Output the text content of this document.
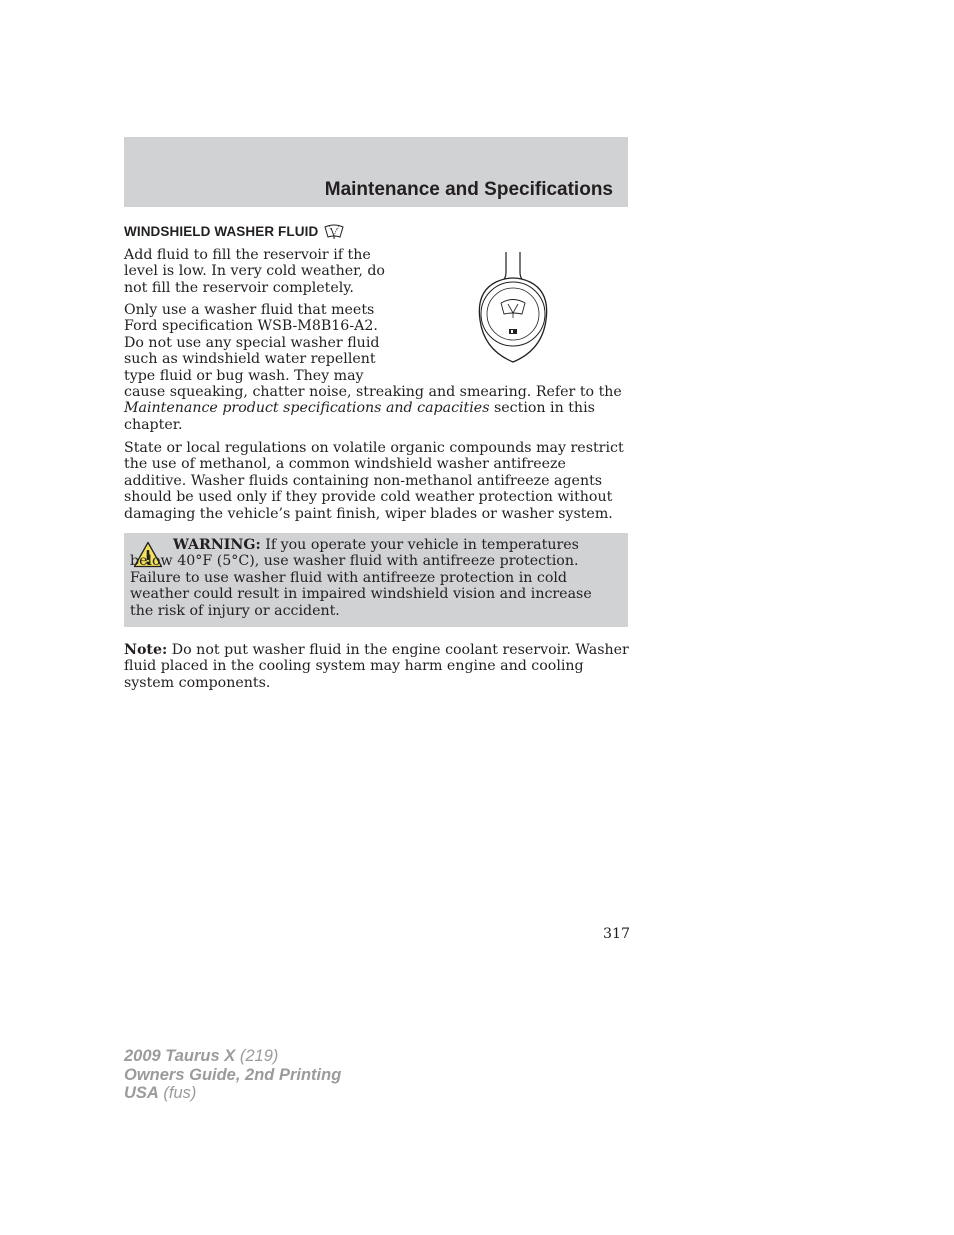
Maintenance and Specifications
WINDSHIELD WASHER FLUID
Add fluid to fill the reservoir if the level is low. In very cold weather, do not fill the reservoir completely.
Only use a washer fluid that meets Ford specification WSB-M8B16-A2. Do not use any special washer fluid such as windshield water repellent type fluid or bug wash. They may
cause squeaking, chatter noise, streaking and smearing. Refer to the Maintenance product specifications and capacities section in this chapter.
State or local regulations on volatile organic compounds may restrict the use of methanol, a common windshield washer antifreeze additive. Washer fluids containing non-methanol antifreeze agents should be used only if they provide cold weather protection without damaging the vehicle’s paint finish, wiper blades or washer system.
WARNING: If you operate your vehicle in temperatures below 40°F (5°C), use washer fluid with antifreeze protection. Failure to use washer fluid with antifreeze protection in cold weather could result in impaired windshield vision and increase the risk of injury or accident.
Note: Do not put washer fluid in the engine coolant reservoir. Washer fluid placed in the cooling system may harm engine and cooling system components.
317
2009 Taurus X (219)
Owners Guide, 2nd Printing
USA (fus)
